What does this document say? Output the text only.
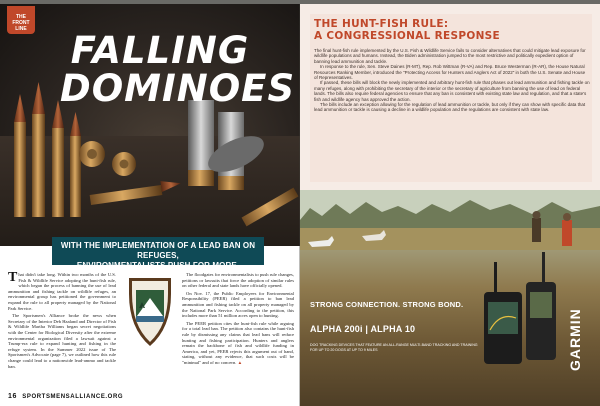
THE FRONT LINE FALLING
DOMINOES
WITH THE IMPLEMENTATION OF A LEAD BAN ON REFUGES,
ENVIRONMENTALISTS PUSH FOR MORE.

That didn't take long. Within two months of the U.S. Fish & Wildlife Service adopting the hunt-fish rule, which began the process of banning the use of lead ammunition and fishing tackle on wildlife refuges, an environmental group has petitioned the government to expand the rule to all property managed by the National Park Service.

The Sportsmen's Alliance broke the news when Secretary of the Interior Deb Haaland and Director of Fish & Wildlife Martha Williams began secret negotiations with the Center for Biological Diversity after the extreme environmental organization filed a lawsuit against a Trump-era rule to expand hunting and fishing in the refuge system. In the Summer 2022 issue of The Sportsmen's Advocate (page 7), we outlined how this rule change could lead to a nationwide lead-ammo and tackle ban.

The floodgates for environmentalists to push rule changes, petitions or lawsuits that force the adoption of similar rules on other federal and state lands have officially opened.

On Nov. 17, the Public Employees for Environmental Responsibility (PEER) filed a petition to ban lead ammunition and fishing tackle on all property managed by the National Park Service. According to the petition, this includes more than 51 million acres open to hunting.

The PEER petition cites the hunt-fish rule while arguing for a total lead ban. The petition also contains the hunt-fish rule by dismissing any claims that lead bans will reduce hunting and fishing participation. Hunters and anglers remain the backbone of fish and wildlife funding in America, and yet, PEER rejects this argument out of hand, stating, without any evidence, that such costs will be "minimal" and of no concern. ▲

16 SPORTSMENSALLIANCE.ORG
THE HUNT-FISH RULE:
A CONGRESSIONAL RESPONSE

The final hunt-fish rule implemented by the U.S. Fish & Wildlife Service fails to consider alternatives that could mitigate lead exposure for wildlife populations and humans. Instead, the Biden administration jumped to the most restrictive and politically expedient option of banning lead ammunition and tackle.

In response to the rule, Sen. Steve Daines (R-MT), Rep. Rob Wittman (R-VA) and Rep. Bruce Westerman (R-AR), the House Natural Resources Ranking Member, introduced the "Protecting Access for Hunters and Anglers Act of 2022" in both the U.S. Senate and House of Representatives.

If passed, these bills will block the newly implemented and arbitrary hunt-fish rule that phases out lead ammunition and fishing tackle on many refuges, along with prohibiting the secretary of the interior or the secretary of agriculture from banning the use of lead on federal lands. The bills also require federal agencies to ensure that any ban is consistent with existing state law and regulation, and that a state's fish and wildlife agency has approved the action.

The bills include an exception allowing for the regulation of lead ammunition or tackle, but only if they can show with specific data that lead ammunition or tackle is causing a decline in a wildlife population and the regulations are consistent with state law.

STRONG CONNECTION. STRONG BOND.
ALPHA 200i | ALPHA 10
DOG TRACKING DEVICES THAT FEATURE AN ALL-RANGE MULTI-BAND TRACKING AND TRAINING FOR UP TO 20 DOGS AT UP TO 9 MILES	GARMIN
